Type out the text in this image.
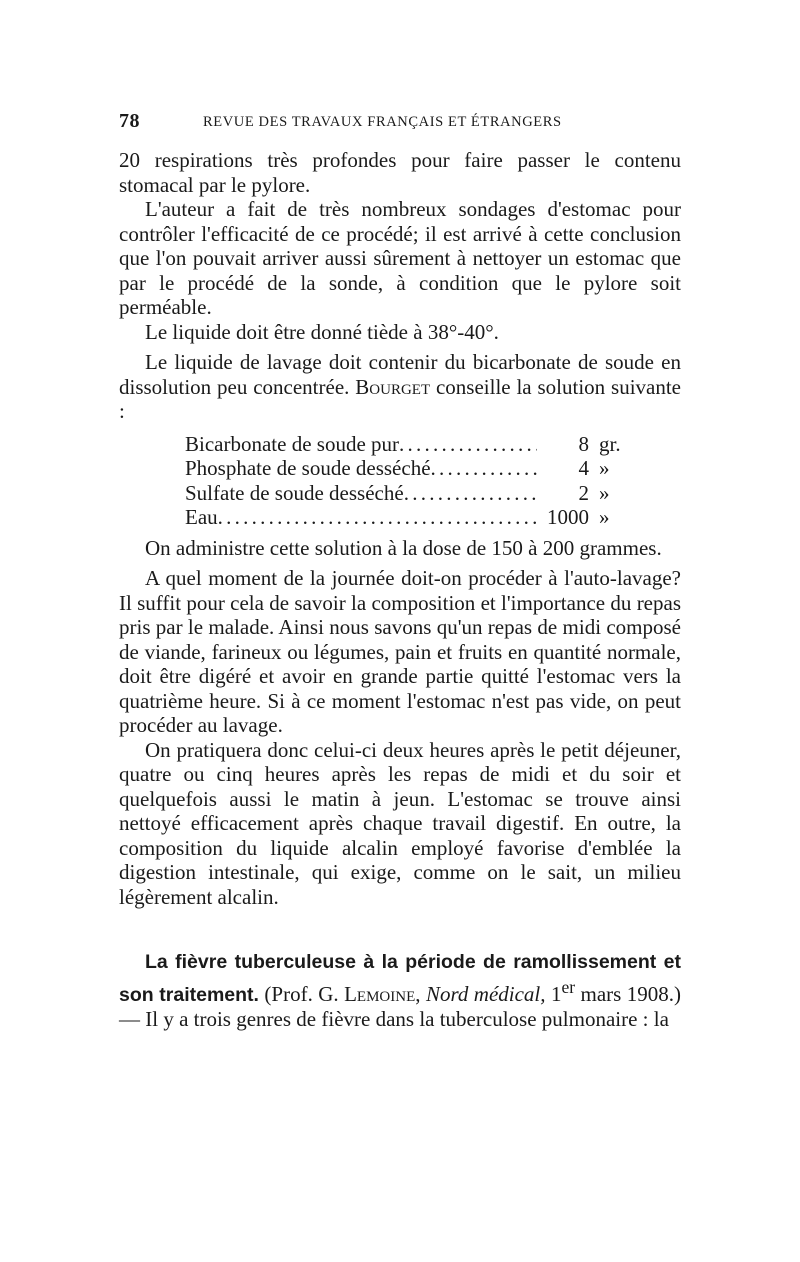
78	REVUE DES TRAVAUX FRANÇAIS ET ÉTRANGERS

20 respirations très profondes pour faire passer le contenu stomacal par le pylore.

L'auteur a fait de très nombreux sondages d'estomac pour contrôler l'efficacité de ce procédé; il est arrivé à cette conclusion que l'on pouvait arriver aussi sûrement à nettoyer un estomac que par le procédé de la sonde, à condition que le pylore soit perméable.

Le liquide doit être donné tiède à 38°-40°.

Le liquide de lavage doit contenir du bicarbonate de soude en dissolution peu concentrée. Bourget conseille la solution suivante :

Bicarbonate de soude pur . . .	8 gr.
Phosphate de soude desséché . . .	4 »
Sulfate de soude desséché . . .	2 »
Eau . . .	1000 »

On administre cette solution à la dose de 150 à 200 grammes.

A quel moment de la journée doit-on procéder à l'auto-lavage? Il suffit pour cela de savoir la composition et l'importance du repas pris par le malade. Ainsi nous savons qu'un repas de midi composé de viande, farineux ou légumes, pain et fruits en quantité normale, doit être digéré et avoir en grande partie quitté l'estomac vers la quatrième heure. Si à ce moment l'estomac n'est pas vide, on peut procéder au lavage.

On pratiquera donc celui-ci deux heures après le petit déjeuner, quatre ou cinq heures après les repas de midi et du soir et quelquefois aussi le matin à jeun. L'estomac se trouve ainsi nettoyé efficacement après chaque travail digestif. En outre, la composition du liquide alcalin employé favorise d'emblée la digestion intestinale, qui exige, comme on le sait, un milieu légèrement alcalin.

La fièvre tuberculeuse à la période de ramollissement et son traitement. (Prof. G. Lemoine, Nord médical, 1er mars 1908.) — Il y a trois genres de fièvre dans la tuberculose pulmonaire : la
